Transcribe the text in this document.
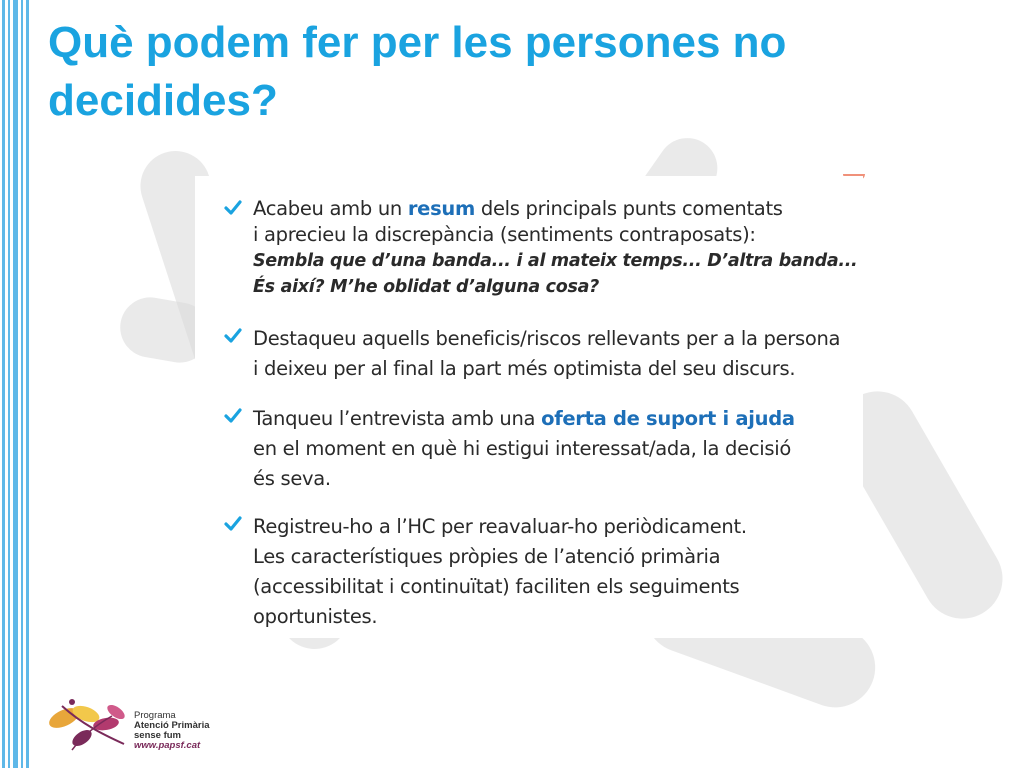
Què podem fer per les persones no decidides?
Acabeu amb un resum dels principals punts comentats
i aprecieu la discrepància (sentiments contraposats):
Sembla que d’una banda... i al mateix temps... D’altra banda...
És així? M’he oblidat d’alguna cosa?
Destaqueu aquells beneficis/riscos rellevants per a la persona
i deixeu per al final la part més optimista del seu discurs.
Tanqueu l’entrevista amb una oferta de suport i ajuda
en el moment en què hi estigui interessat/ada, la decisió
és seva.
Registreu-ho a l’HC per reavaluar-ho periòdicament.
Les característiques pròpies de l’atenció primària
(accessibilitat i continuïtat) faciliten els seguiments
oportunistes.
Programa
Atenció Primària
sense fum
www.papsf.cat
